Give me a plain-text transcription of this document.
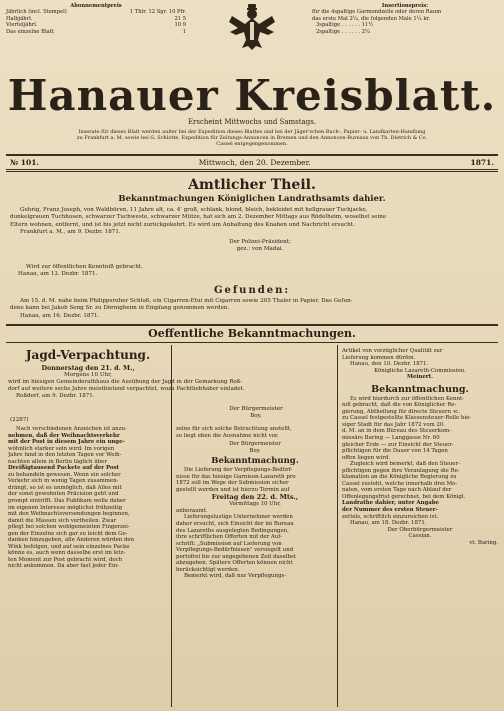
Abonnementpreis
Jährlich (incl. Stempel)	1 Thlr. 12 Sgr. 10 Pfr.
Halbjährl.	21 5
Vierteljährl.	10 9
Das einzelne Blatt	1
Insertionspreis:
für die 4spaltige Garmondzeile oder deren Raum
das erste Mal 2¼, die folgenden Male 1¼ kr.
3spaltige . . . . . . 11½
2spaltige . . . . . . 2¼
Hanauer Kreisblatt.
Erscheint Mittwochs und Samstags.
Inserate für dieses Blatt werden außer bei der Expedition dieses Blattes und bei der Jäger'schen Buch-, Papier- u. Landkarten-Handlung
zu Frankfurt a. M. sowie bei G. Schlotte, Expedition für Zeitungs-Annoncen in Bremen und den Annoncen-Bureaux von Th. Dietrich & Co.
Cassel entgegengenommen.
№ 101.	Mittwoch, den 20. Dezember.	1871.
Amtlicher Theil.
Bekanntmachungen Königlichen Landrathsamts dahier.
Gehrig, Franz Joseph, von Waldbüren, 11 Jahre alt, ca. 4' groß, schlank, blond, bleich, bekleidet mit hellgrauer Tuchjacke,
dunkelgrauen Tuchhosen, schwarzer Tuchweste, schwarzer Mütze, hat sich am 2. Dezember Mittags aus Rödelheim, woselbst seine
Eltern wohnen, entfernt, und ist bis jetzt nicht zurückgekehrt. Es wird um Anhaltung des Knaben und Nachricht ersucht.
Frankfurt a. M., am 9. Dezbr. 1871.
Der Polizei-Präsident;
gez.: von Madai.
Wird zur öffentlichen Kenntniß gebracht.
Hanau, am 13. Dezbr. 1871.
Gefunden:
Am 15. d. M. nahe beim Philippsruher Schloß, ein Cigarren-Etui mit Cigarren sowie 205 Thaler in Papier. Das Gefun-
dene kann bei Jakob Seng Sr. zu Dörnigheim in Empfang genommen werden.
Hanau, am 16. Dezbr. 1871.
Oeffentliche Bekanntmachungen.
Jagd-Verpachtung.
Donnerstag den 21. d. M.,
Morgens 10 Uhr,
wird im hiesigen Gemeinderathhaus die Ausübung der Jagd in der Gemarkung Roß-
dorf auf weitere sechs Jahre meistbietend verpachtet, wozu Pachtliebhaber einladet.
Roßdorf, am 9. Dezbr. 1871.
Der Bürgermeister
Boy.
(2287)
Nach verschiedenen Anzeichen ist anzu-
nehmen, daß der Weihnachtsverkehr
mit der Post in diesem Jahre ein unge-
wöhnlich starker sein wird. Im vorigen
Jahre fand in den letzten Tagen vor Weih-
nachten allein in Berlin täglich über
Dreißigtausend Packete auf der Post
zu behandeln gewesen. Wenn ein solcher
Verkehr sich in wenig Tagen zusammen-
drängt, so ist es unmöglich, daß Alles mit
der sonst gewohnten Präcision geht und
prompt eintrifft. Das Publikum wolle daher
im eigenen Interesse möglichst frühzeitig
mit den Weihnachtsversendungen beginnen,
damit die Massen sich vertheilen. Zwar
pflegt bei solchen wohlgemeinten Fingerzei-
gen der Einzelne sich gar zu leicht dem Ge-
danken hinzugeben, alle Anderen würden den
Wink befolgen, und auf sein einzelnes Packe
könne es, auch wenn dasselbe erst im letz-
ten Moment zur Post gebracht wird, doch
nicht ankommen. Da aber fast jeder Ein-
zelne für sich solche Betrachtung anstellt,
so liegt eben die Ausnahme nicht vor.
Der Bürgermeister
Boy.
Bekanntmachung.
Die Lieferung der Verpflegungs-Bedürf-
nisse für das hiesige Garnison-Lazareth pro
1872 soll im Wege der Submission sicher
gestellt werden und ist hierzu Termin auf
Freitag den 22. d. Mts.,
Vormittags 10 Uhr,
anberaumt.
Lieferungslustige Unternehmer werden
daher ersucht, sich Einsicht der im Bureau
des Lazareths ausgelegten Bedingungen,
ihre schriftlichen Offerten mit der Auf-
schrift: „Submission auf Lieferung von
Verpflegungs-Bedürfnissen" versiegelt und
portofrei bis zur angegebenen Zeit daselbst
abzugeben. Spätere Offerten können nicht
berücksichtigt werden.
Bemerkt wird, daß nur Verpflegungs-
Artikel von vorzüglicher Qualität zur
Lieferung kommen dürfen.
Hanau, den 10. Dezbr. 1871.
Königliche Lazareth-Commission.
Meinert.
Bekanntmachung.
Es wird hierdurch zur öffentlichen Kennt-
niß gebracht, daß die von Königlicher Re-
gierung, Abtheilung für directe Steuern ꝛc.
zu Cassel festgestellte Klassensteuer-Rolle hie-
siger Stadt für das Jahr 1872 vom 20.
d. M. an in dem Büreau des Steuerkom-
missärs Baring — Langgasse Nr. 60
gleicher Erde — zur Einsicht der Steuer-
pflichtigen für die Dauer von 14 Tagen
offen liegen wird.
Zugleich wird bemerkt, daß den Steuer-
pflichtigen gegen ihre Veranlagung die Re-
klamation an die Königliche Regierung zu
Cassel zusteht, welche innerhalb drei Mo-
naten, vom ersten Tage nach Ablauf der
Offenlegungsfrist gerechnet, bei dem Königl.
Landrathe dahier, unter Angabe
der Nummer des ersten Steuer-
zettels, schriftlich einzureichen ist.
Hanau, am 18. Dezbr. 1871.
Der Oberbürgermeister
Cassian.
vt. Baring.
